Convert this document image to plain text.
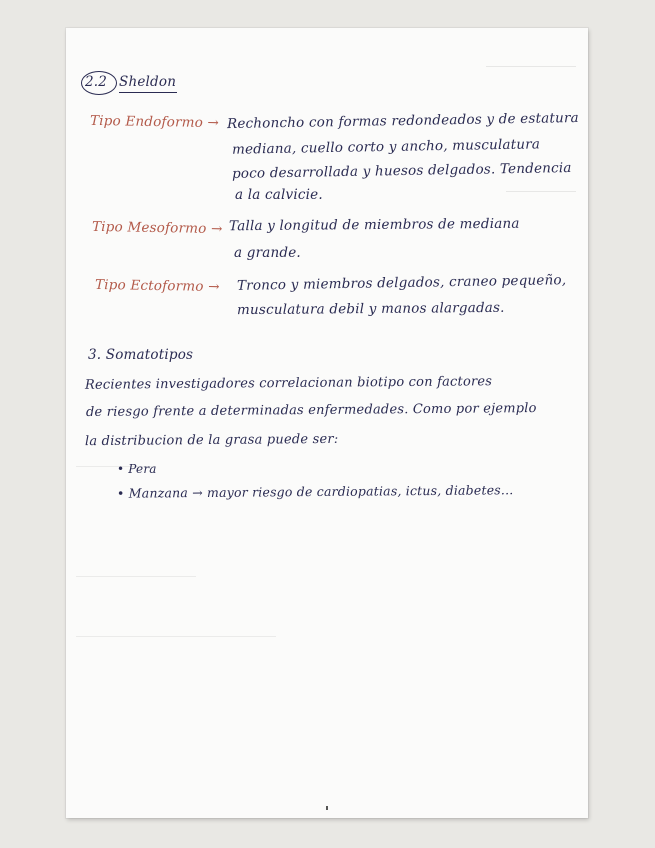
2.2 Sheldon
Tipo Endoformo → Rechoncho con formas redondeados y de estatura
mediana, cuello corto y ancho, musculatura
poco desarrollada y huesos delgados. Tendencia
a la calvicie.
Tipo Mesoformo → Talla y longitud de miembros de mediana
a grande.
Tipo Ectoformo → Tronco y miembros delgados, craneo pequeño,
musculatura debil y manos alargadas.
3. Somatotipos
Recientes investigadores correlacionan biotipo con factores
de riesgo frente a determinadas enfermedades. Como por ejemplo
la distribucion de la grasa puede ser:
• Pera
• Manzana → mayor riesgo de cardiopatias, ictus, diabetes...
